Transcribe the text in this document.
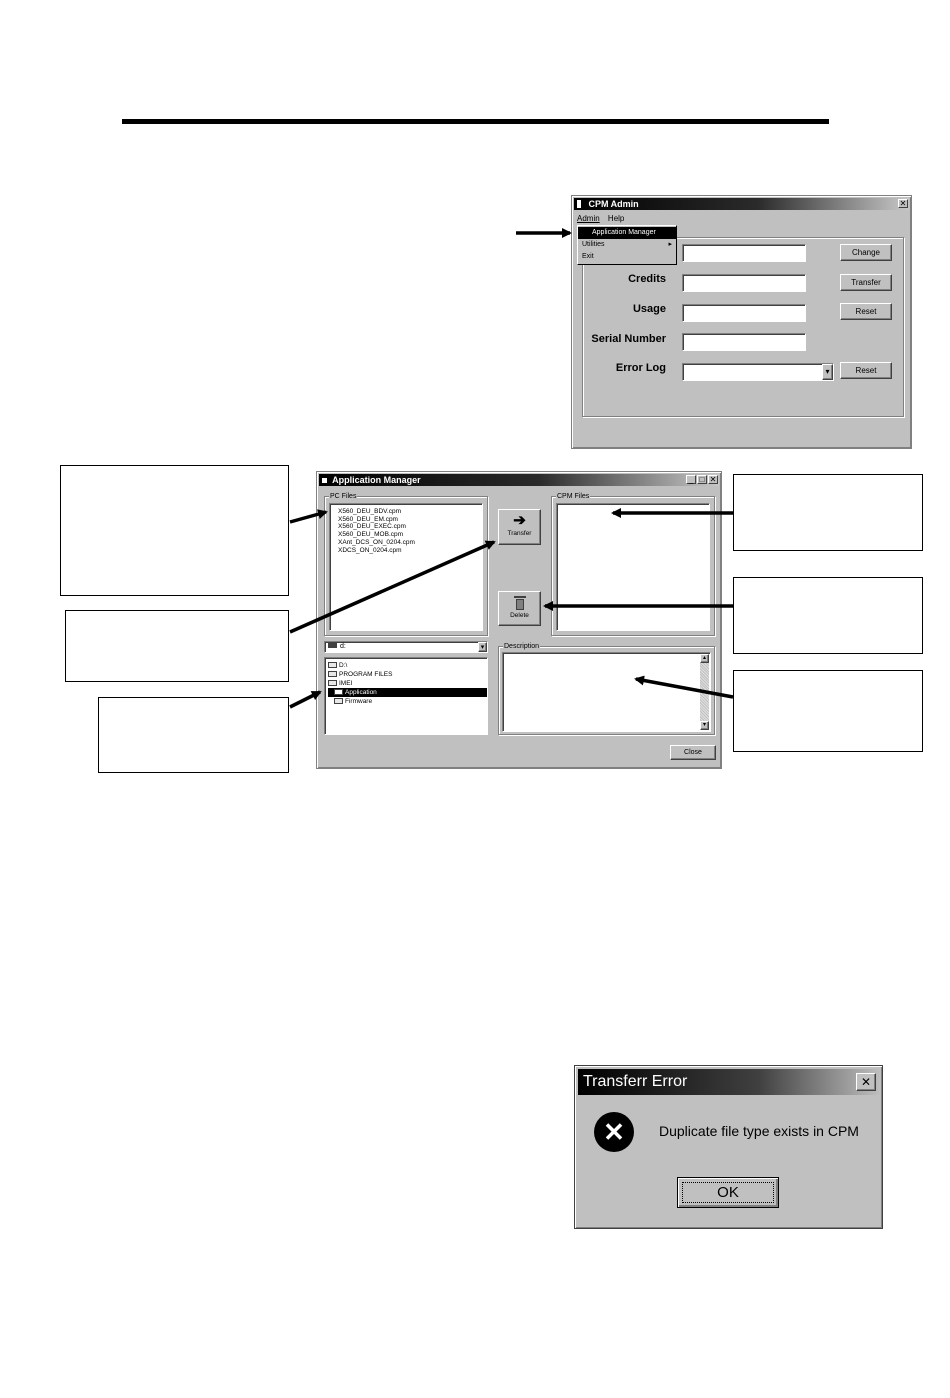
CPM Admin	✕
Admin Help
Change
Credits	Transfer
Usage	Reset
Serial Number
Error Log	▾	Reset
Application Manager
Utilities	▸
Exit
Application Manager	_ □ ✕
PC Files
X560_DEU_BDV.cpm
X560_DEU_EM.cpm
X560_DEU_EXEC.cpm
X560_DEU_MOB.cpm
XAnt_DCS_ON_0204.cpm
XDCS_ON_0204.cpm
➔
Transfer
Delete
CPM Files
d:	▾
D:\
PROGRAM FILES
IMEI
Application
Firmware
Description
▴
▾
Close
Transferr Error	✕
✕	Duplicate file type exists in CPM
OK
